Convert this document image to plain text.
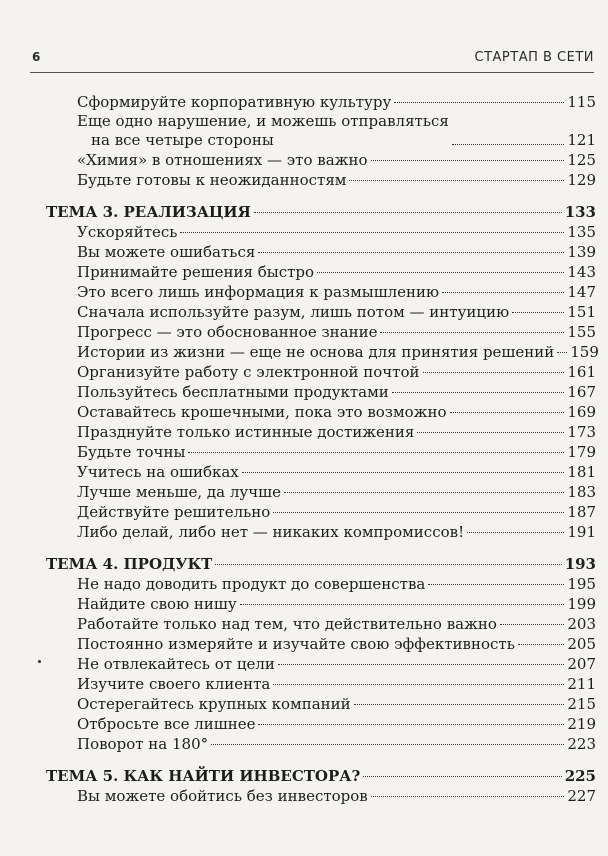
6	СТАРТАП В СЕТИ
Сформируйте корпоративную культуру	115
Еще одно нарушение, и можешь отправляться
на все четыре стороны	121
«Химия» в отношениях — это важно	125
Будьте готовы к неожиданностям	129
ТЕМА 3. РЕАЛИЗАЦИЯ	133
Ускоряйтесь	135
Вы можете ошибаться	139
Принимайте решения быстро	143
Это всего лишь информация к размышлению	147
Сначала используйте разум, лишь потом — интуицию	151
Прогресс — это обоснованное знание	155
Истории из жизни — еще не основа для принятия решений 159
Организуйте работу с электронной почтой	161
Пользуйтесь бесплатными продуктами	167
Оставайтесь крошечными, пока это возможно	169
Празднуйте только истинные достижения	173
Будьте точны	179
Учитесь на ошибках	181
Лучше меньше, да лучше	183
Действуйте решительно	187
Либо делай, либо нет — никаких компромиссов!	191
ТЕМА 4. ПРОДУКТ	193
Не надо доводить продукт до совершенства	195
Найдите свою нишу	199
Работайте только над тем, что действительно важно	203
Постоянно измеряйте и изучайте свою эффективность	205
Не отвлекайтесь от цели	207
Изучите своего клиента	211
Остерегайтесь крупных компаний	215
Отбросьте все лишнее	219
Поворот на 180°	223
ТЕМА 5. КАК НАЙТИ ИНВЕСТОРА?	225
Вы можете обойтись без инвесторов	227
